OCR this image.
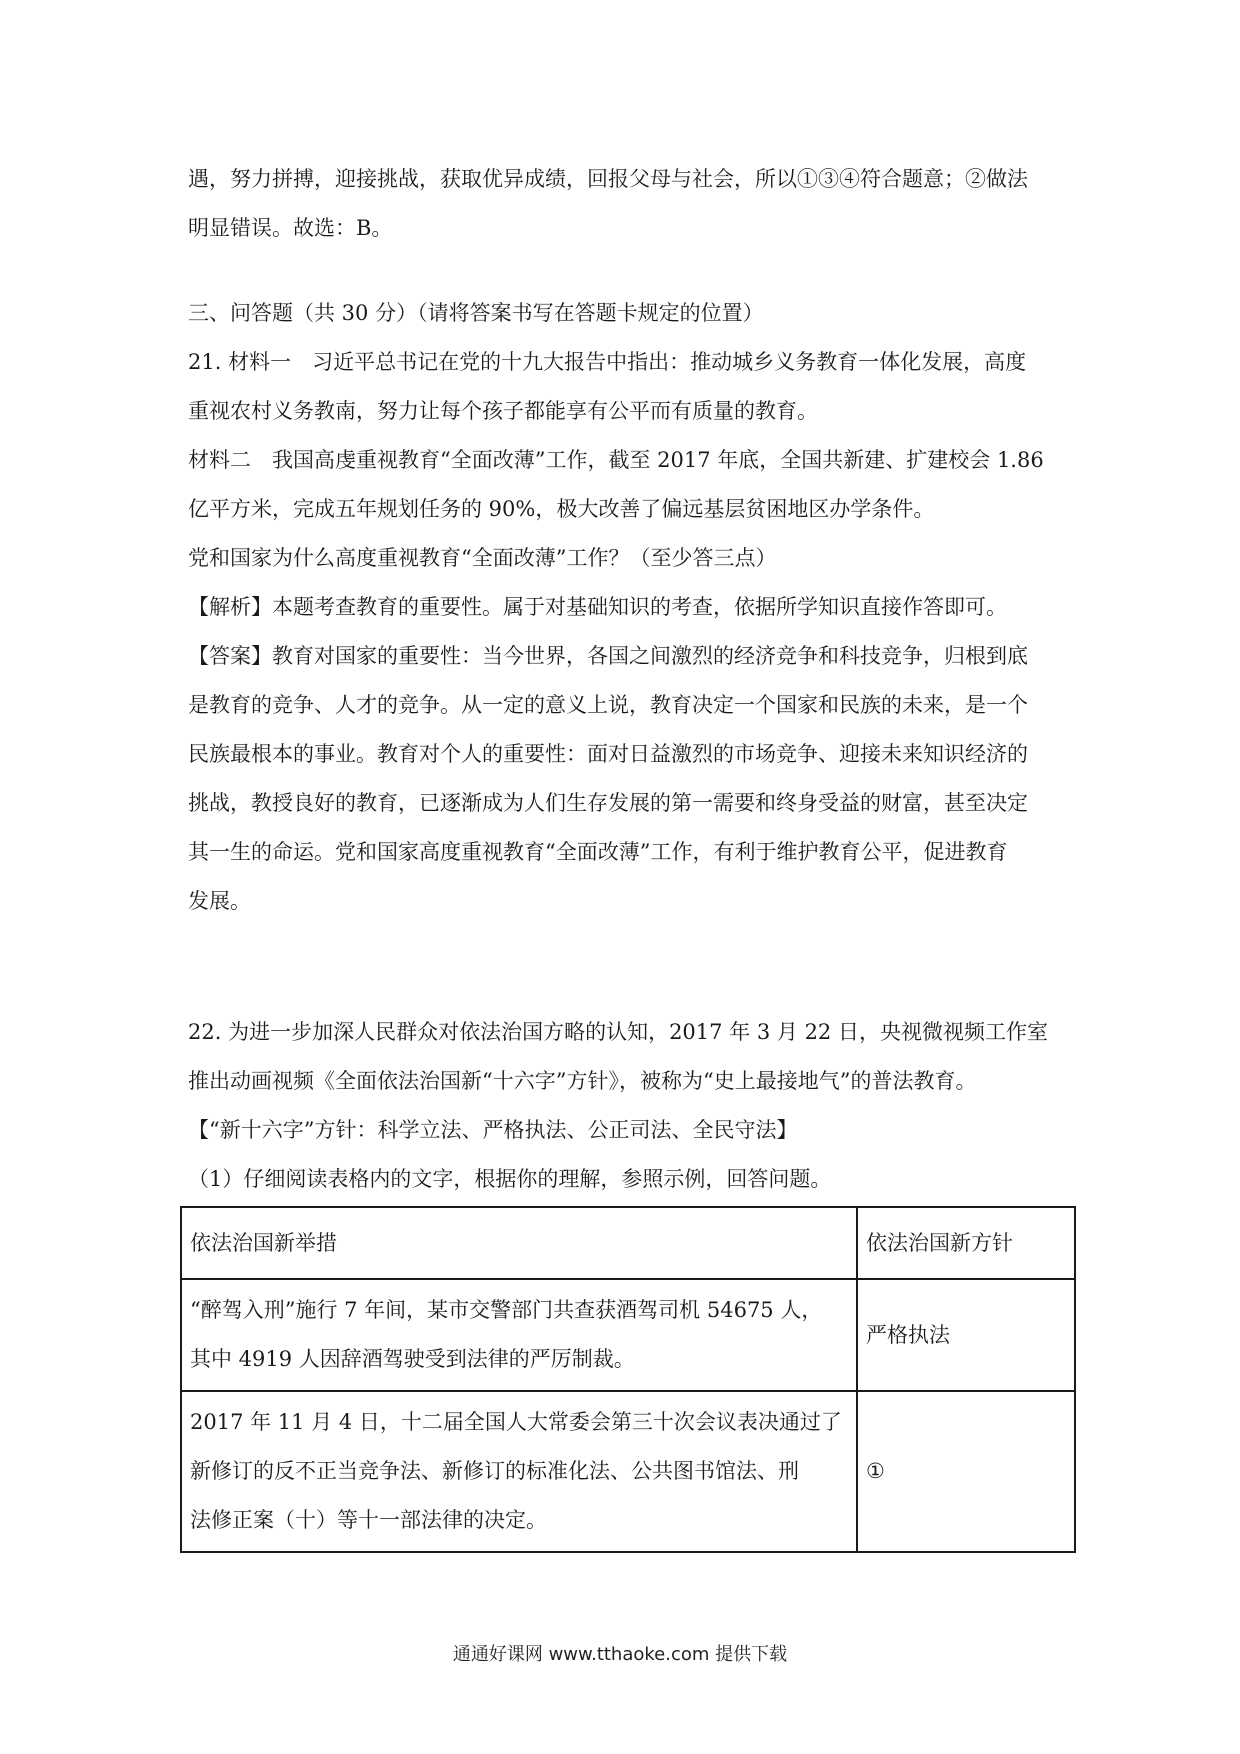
遇，努力拼搏，迎接挑战，获取优异成绩，回报父母与社会，所以①③④符合题意；②做法

明显错误。故选：B。

三、问答题（共 30 分）（请将答案书写在答题卡规定的位置）

21. 材料一　习近平总书记在党的十九大报告中指出：推动城乡义务教育一体化发展，高度

重视农村义务教南，努力让每个孩子都能享有公平而有质量的教育。

材料二　我国高虔重视教育“全面改薄”工作，截至 2017 年底，全国共新建、扩建校会 1.86

亿平方米，完成五年规划任务的 90%，极大改善了偏远基层贫困地区办学条件。

党和国家为什么高度重视教育“全面改薄”工作？（至少答三点）

【解析】本题考查教育的重要性。属于对基础知识的考查，依据所学知识直接作答即可。

【答案】教育对国家的重要性：当今世界，各国之间激烈的经济竞争和科技竞争，归根到底

是教育的竞争、人才的竞争。从一定的意义上说，教育决定一个国家和民族的未来，是一个

民族最根本的事业。教育对个人的重要性：面对日益激烈的市场竞争、迎接未来知识经济的

挑战，教授良好的教育，已逐渐成为人们生存发展的第一需要和终身受益的财富，甚至决定

其一生的命运。党和国家高度重视教育“全面改薄”工作，有利于维护教育公平，促进教育

发展。

22. 为进一步加深人民群众对依法治国方略的认知，2017 年 3 月 22 日，央视微视频工作室

推出动画视频《全面依法治国新“十六字”方针》，被称为“史上最接地气”的普法教育。

【“新十六字”方针：科学立法、严格执法、公正司法、全民守法】

（1）仔细阅读表格内的文字，根据你的理解，参照示例，回答问题。

依法治国新举措	依法治国新方针

“醉驾入刑”施行 7 年间，某市交警部门共查获酒驾司机 54675 人，
其中 4919 人因辞酒驾驶受到法律的严厉制裁。	严格执法

2017 年 11 月 4 日，十二届全国人大常委会第三十次会议表决通过了
新修订的反不正当竞争法、新修订的标准化法、公共图书馆法、刑
法修正案（十）等十一部法律的决定。	①
通通好课网 www.tthaoke.com 提供下载
